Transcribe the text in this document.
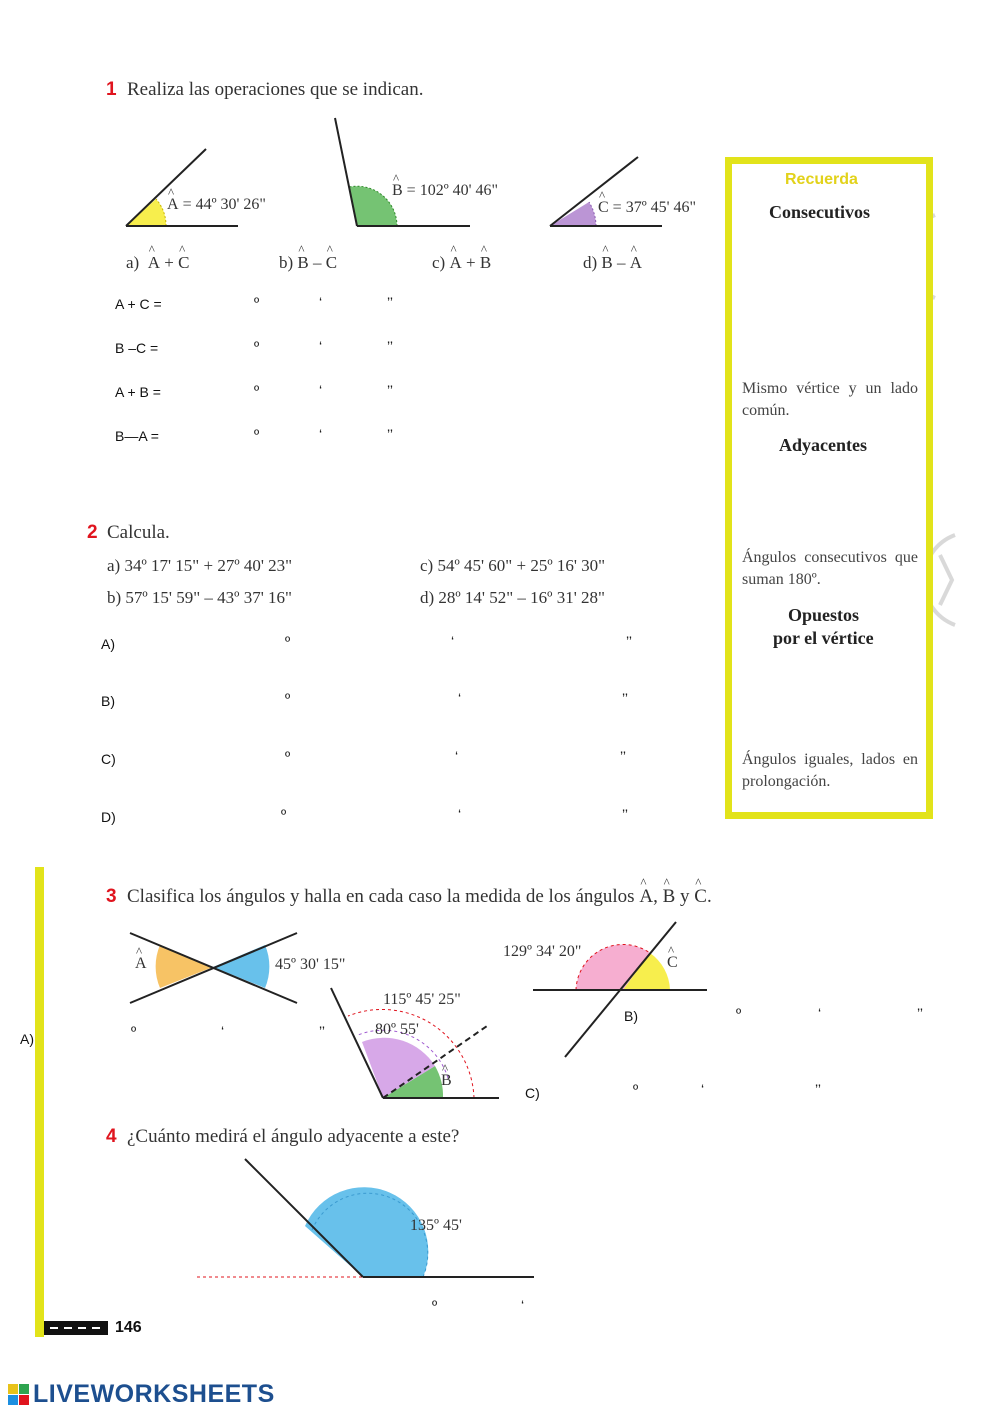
1 Realiza las operaciones que se indican.
^ A = 44º 30' 26"
^ B = 102º 40' 46"
^ C = 37º 45' 46"
a) ^ A + ^ C	b) ^ B – ^ C	c) ^ A + ^ B	d) ^ B – ^ A
A + C =	º	‘	’’
B –C =	º	‘	’’
A + B =	º	‘	’’
B—A =	º	‘	’’
2 Calcula.
a) 34º 17' 15" + 27º 40' 23"
b) 57º 15' 59" – 43º 37' 16"
c) 54º 45' 60" + 25º 16' 30"
d) 28º 14' 52" – 16º 31' 28"
A)	º	‘	’’
B)	º	‘	’’
C)	º	‘	’’
D)	º	‘	’’
Recuerda
Consecutivos
Mismo vértice y un lado común.
Adyacentes
Ángulos consecutivos que suman 180º.
Opuestos
por el vértice
Ángulos iguales, lados en prolongación.
3 Clasifica los ángulos y halla en cada caso la medida de los ángulos ^ A, ^ B y ^ C.
^ A	45º 30' 15"
115º 45' 25"
80º 55'
^ B
129º 34' 20"
^ C
A)	º	‘	’’
B)	º	‘	’’
C)	º	‘	’’
4 ¿Cuánto medirá el ángulo adyacente a este?
135º 45'
º	‘
146
LIVEWORKSHEETS
